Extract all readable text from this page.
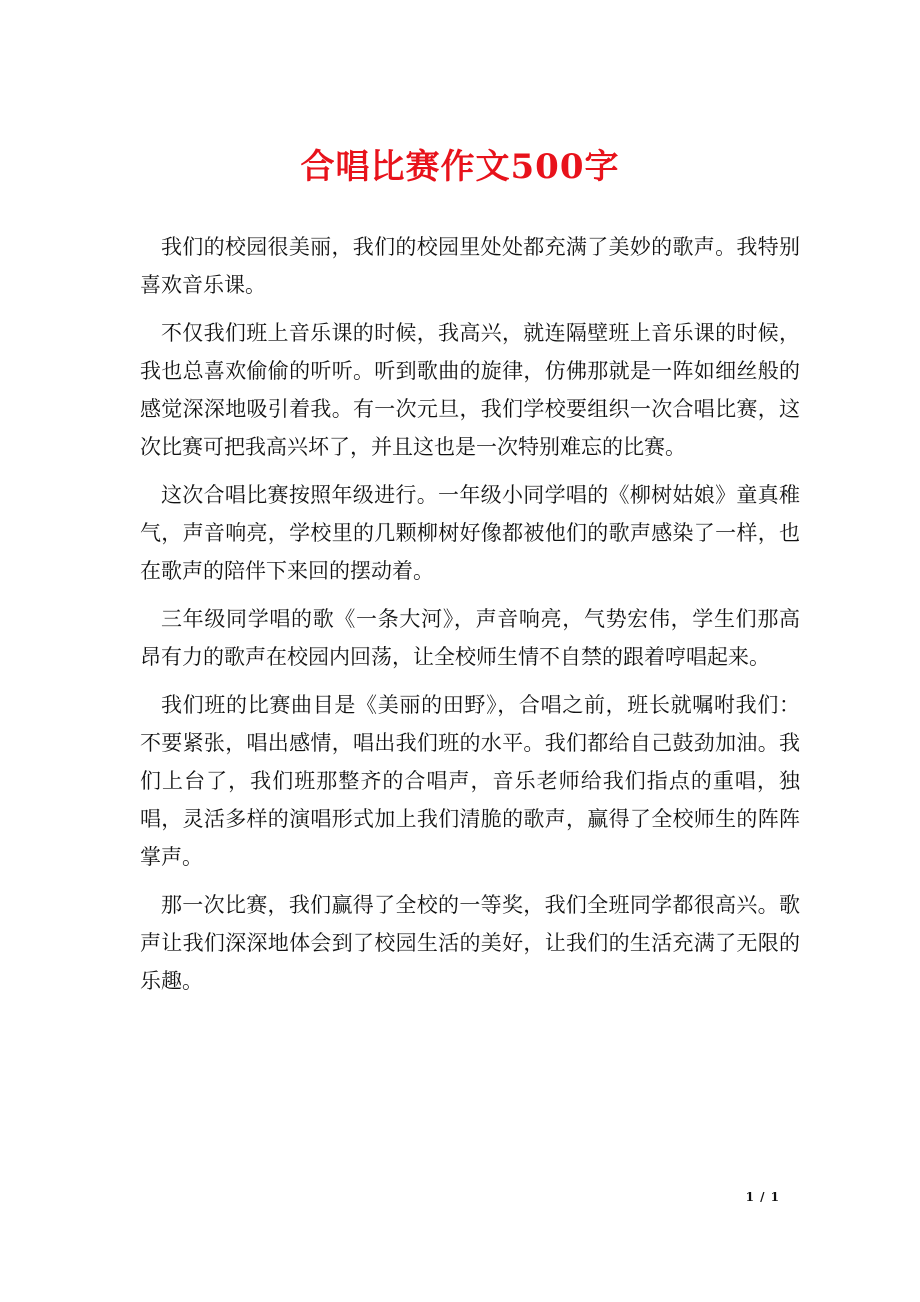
合唱比赛作文500字

我们的校园很美丽，我们的校园里处处都充满了美妙的歌声。我特别喜欢音乐课。

不仅我们班上音乐课的时候，我高兴，就连隔壁班上音乐课的时候，我也总喜欢偷偷的听听。听到歌曲的旋律，仿佛那就是一阵如细丝般的感觉深深地吸引着我。有一次元旦，我们学校要组织一次合唱比赛，这次比赛可把我高兴坏了，并且这也是一次特别难忘的比赛。

这次合唱比赛按照年级进行。一年级小同学唱的《柳树姑娘》童真稚气，声音响亮，学校里的几颗柳树好像都被他们的歌声感染了一样，也在歌声的陪伴下来回的摆动着。

三年级同学唱的歌《一条大河》，声音响亮，气势宏伟，学生们那高昂有力的歌声在校园内回荡，让全校师生情不自禁的跟着哼唱起来。

我们班的比赛曲目是《美丽的田野》，合唱之前，班长就嘱咐我们：不要紧张，唱出感情，唱出我们班的水平。我们都给自己鼓劲加油。我们上台了，我们班那整齐的合唱声，音乐老师给我们指点的重唱，独唱，灵活多样的演唱形式加上我们清脆的歌声，赢得了全校师生的阵阵掌声。

那一次比赛，我们赢得了全校的一等奖，我们全班同学都很高兴。歌声让我们深深地体会到了校园生活的美好，让我们的生活充满了无限的乐趣。

1 / 1
